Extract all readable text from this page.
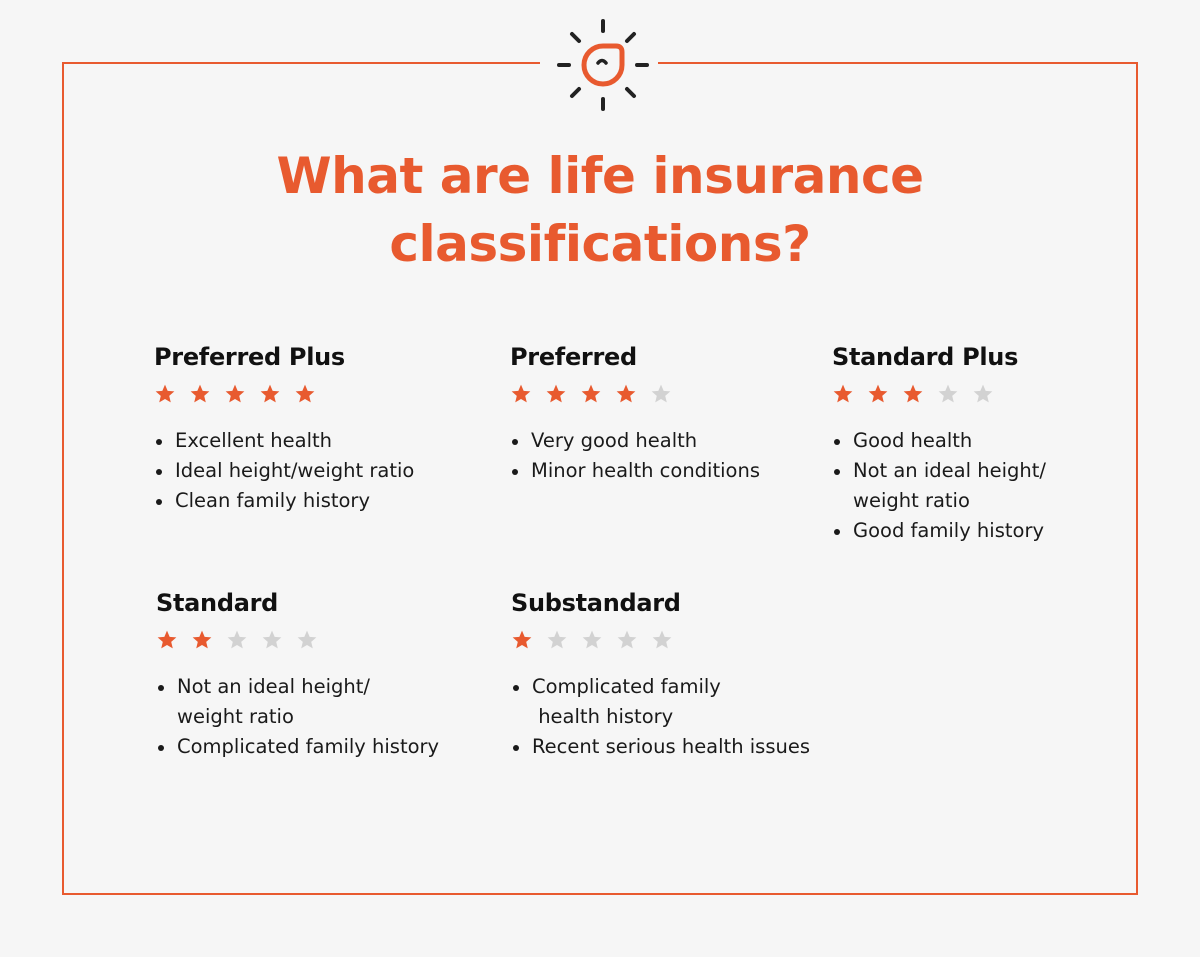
What are life insurance
classifications?
Preferred Plus
Excellent health
Ideal height/weight ratio
Clean family history
Preferred
Very good health
Minor health conditions
Standard Plus
Good health
Not an ideal height/
weight ratio
Good family history
Standard
Not an ideal height/
weight ratio
Complicated family history
Substandard
Complicated family
health history
Recent serious health issues
